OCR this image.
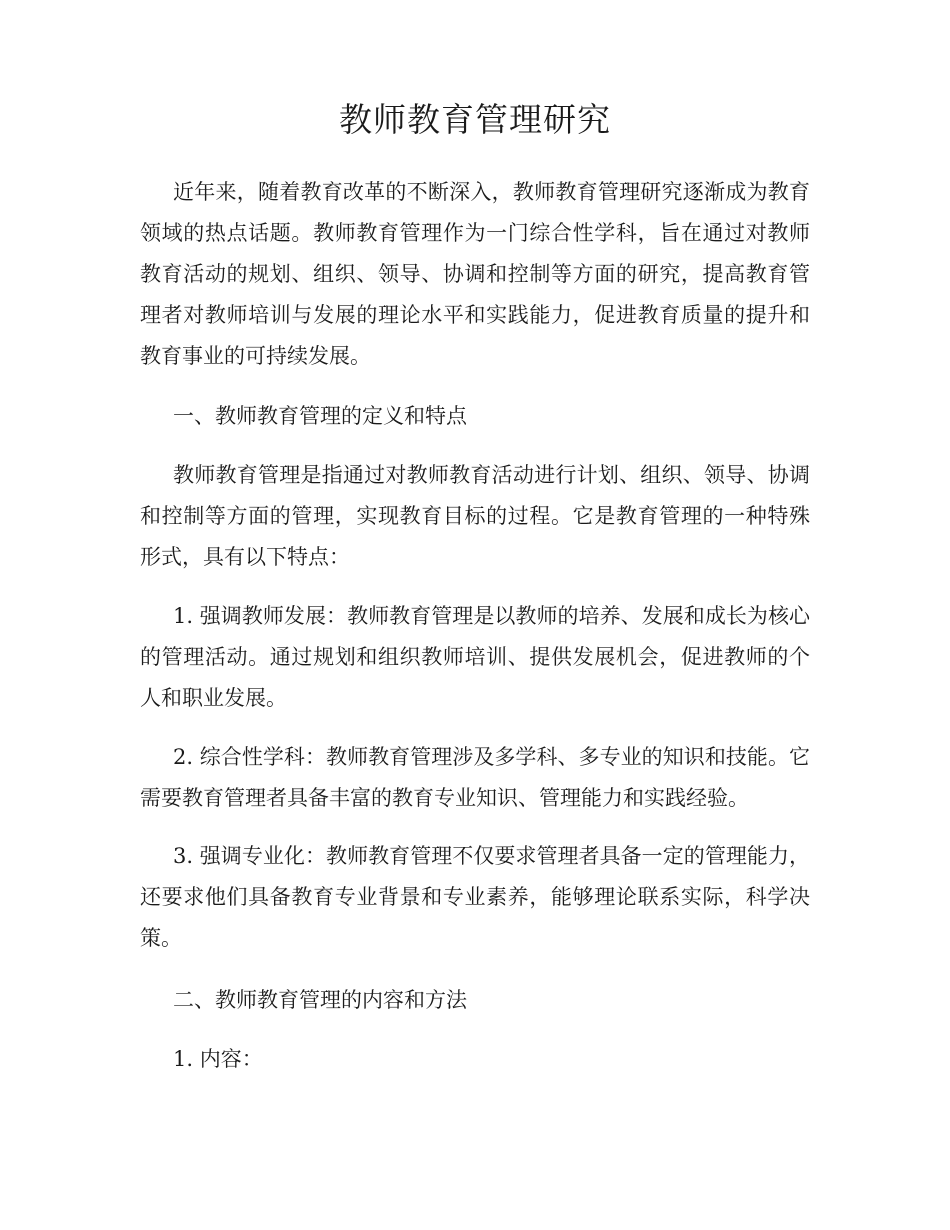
教师教育管理研究

近年来，随着教育改革的不断深入，教师教育管理研究逐渐成为教育领域的热点话题。教师教育管理作为一门综合性学科，旨在通过对教师教育活动的规划、组织、领导、协调和控制等方面的研究，提高教育管理者对教师培训与发展的理论水平和实践能力，促进教育质量的提升和教育事业的可持续发展。

一、教师教育管理的定义和特点

教师教育管理是指通过对教师教育活动进行计划、组织、领导、协调和控制等方面的管理，实现教育目标的过程。它是教育管理的一种特殊形式，具有以下特点：

1. 强调教师发展：教师教育管理是以教师的培养、发展和成长为核心的管理活动。通过规划和组织教师培训、提供发展机会，促进教师的个人和职业发展。

2. 综合性学科：教师教育管理涉及多学科、多专业的知识和技能。它需要教育管理者具备丰富的教育专业知识、管理能力和实践经验。

3. 强调专业化：教师教育管理不仅要求管理者具备一定的管理能力，还要求他们具备教育专业背景和专业素养，能够理论联系实际，科学决策。

二、教师教育管理的内容和方法

1. 内容：
